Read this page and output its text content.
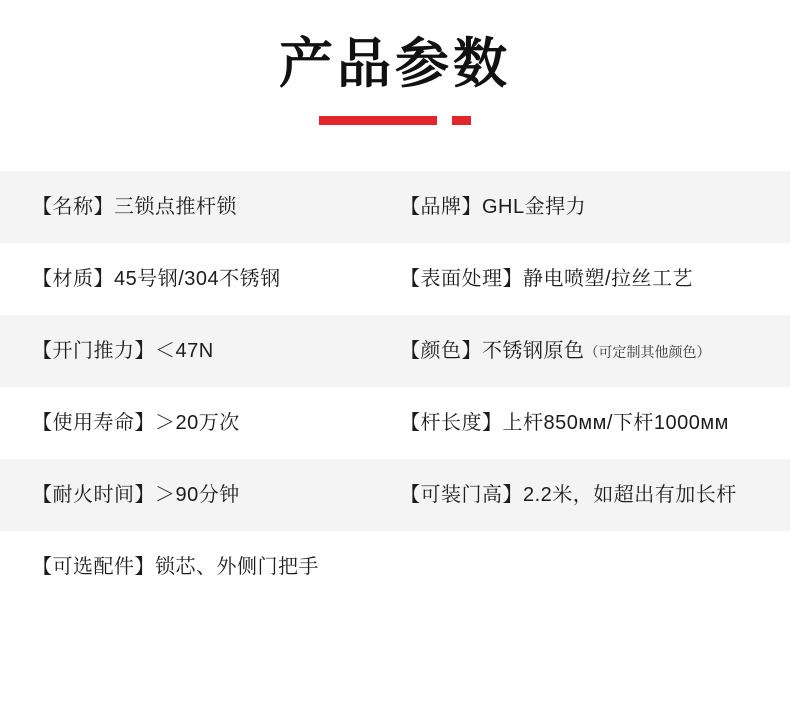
产品参数
【名称】三锁点推杆锁	【品牌】GHL金捍力
【材质】45号钢/304不锈钢	【表面处理】静电喷塑/拉丝工艺
【开门推力】＜47N	【颜色】不锈钢原色（可定制其他颜色）
【使用寿命】＞20万次	【杆长度】上杆850ᴍᴍ/下杆1000ᴍᴍ
【耐火时间】＞90分钟	【可装门高】2.2米，如超出有加长杆
【可选配件】锁芯、外侧门把手	
